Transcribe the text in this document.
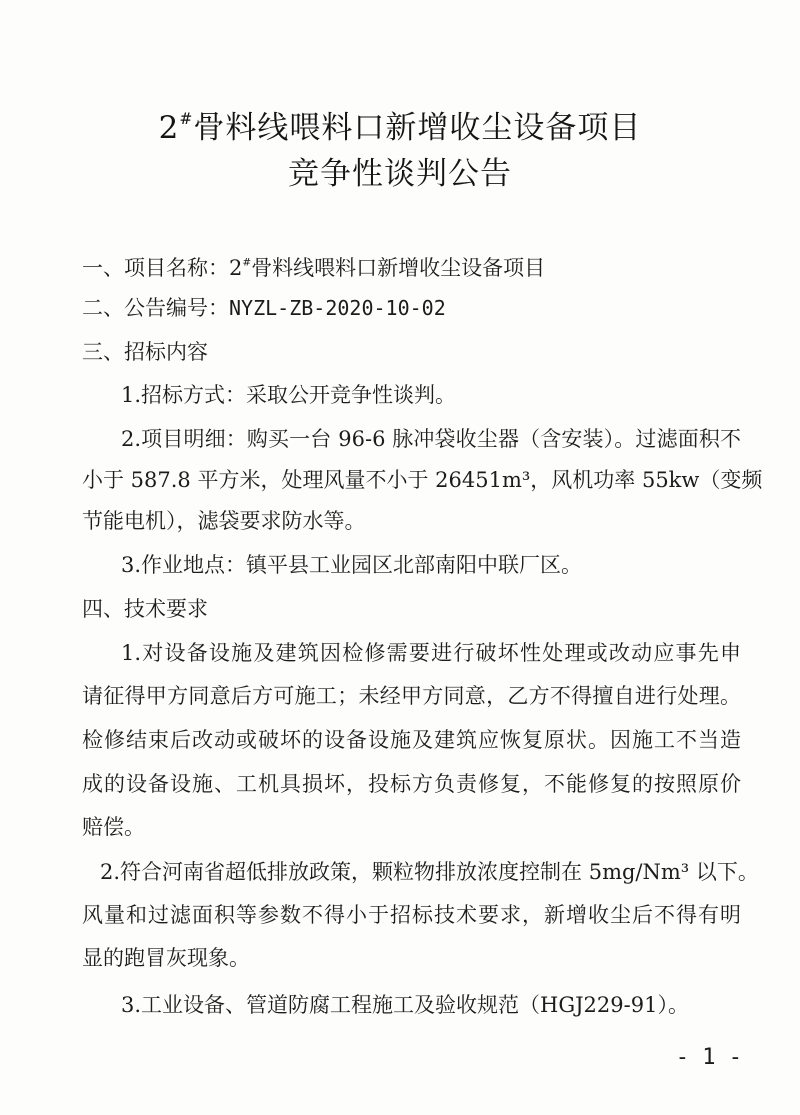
2#骨料线喂料口新增收尘设备项目
竞争性谈判公告
一、项目名称：2#骨料线喂料口新增收尘设备项目
二、公告编号：NYZL-ZB-2020-10-02
三、招标内容
1.招标方式：采取公开竞争性谈判。
2.项目明细：购买一台 96-6 脉冲袋收尘器（含安装）。过滤面积不
小于 587.8 平方米，处理风量不小于 26451m³，风机功率 55kw（变频
节能电机），滤袋要求防水等。
3.作业地点：镇平县工业园区北部南阳中联厂区。
四、技术要求
1.对设备设施及建筑因检修需要进行破坏性处理或改动应事先申
请征得甲方同意后方可施工；未经甲方同意，乙方不得擅自进行处理。
检修结束后改动或破坏的设备设施及建筑应恢复原状。因施工不当造
成的设备设施、工机具损坏，投标方负责修复，不能修复的按照原价
赔偿。
2.符合河南省超低排放政策，颗粒物排放浓度控制在 5mg/Nm³ 以下。
风量和过滤面积等参数不得小于招标技术要求，新增收尘后不得有明
显的跑冒灰现象。
3.工业设备、管道防腐工程施工及验收规范（HGJ229-91）。
- 1 -
